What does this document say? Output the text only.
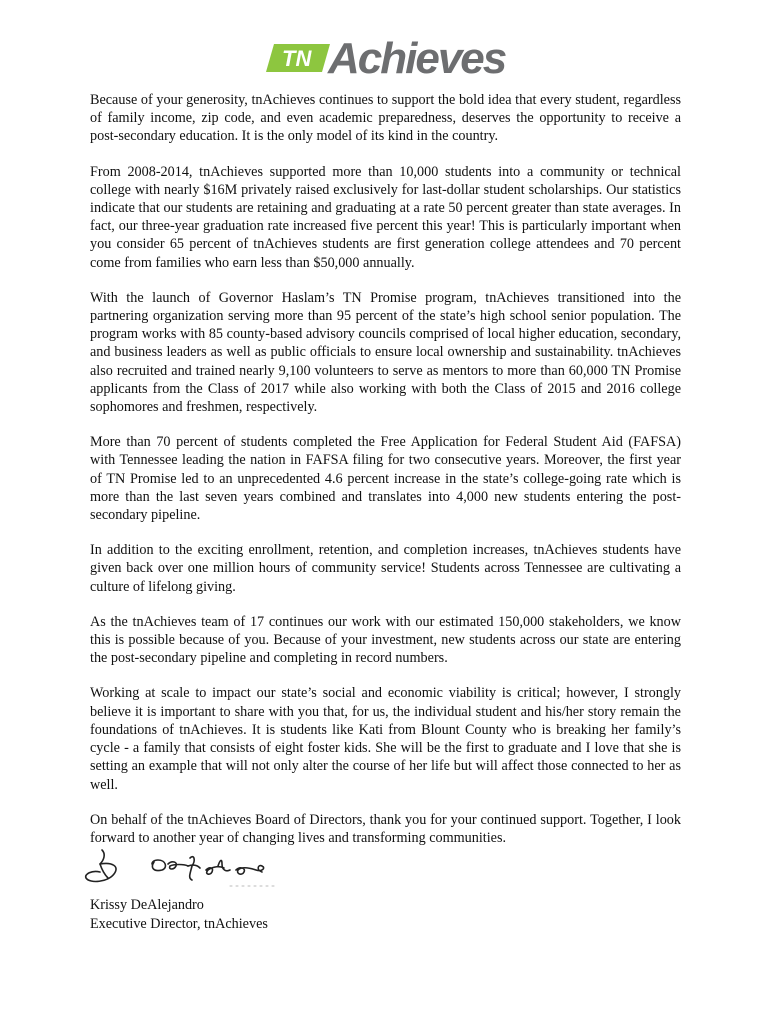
TN Achieves

Because of your generosity, tnAchieves continues to support the bold idea that every student, regardless of family income, zip code, and even academic preparedness, deserves the opportunity to receive a post-secondary education. It is the only model of its kind in the country.

From 2008-2014, tnAchieves supported more than 10,000 students into a community or technical college with nearly $16M privately raised exclusively for last-dollar student scholarships. Our statistics indicate that our students are retaining and graduating at a rate 50 percent greater than state averages. In fact, our three-year graduation rate increased five percent this year! This is particularly important when you consider 65 percent of tnAchieves students are first generation college attendees and 70 percent come from families who earn less than $50,000 annually.

With the launch of Governor Haslam’s TN Promise program, tnAchieves transitioned into the partnering organization serving more than 95 percent of the state’s high school senior population. The program works with 85 county-based advisory councils comprised of local higher education, secondary, and business leaders as well as public officials to ensure local ownership and sustainability. tnAchieves also recruited and trained nearly 9,100 volunteers to serve as mentors to more than 60,000 TN Promise applicants from the Class of 2017 while also working with both the Class of 2015 and 2016 college sophomores and freshmen, respectively.

More than 70 percent of students completed the Free Application for Federal Student Aid (FAFSA) with Tennessee leading the nation in FAFSA filing for two consecutive years. Moreover, the first year of TN Promise led to an unprecedented 4.6 percent increase in the state’s college-going rate which is more than the last seven years combined and translates into 4,000 new students entering the post-secondary pipeline.

In addition to the exciting enrollment, retention, and completion increases, tnAchieves students have given back over one million hours of community service! Students across Tennessee are cultivating a culture of lifelong giving.

As the tnAchieves team of 17 continues our work with our estimated 150,000 stakeholders, we know this is possible because of you. Because of your investment, new students across our state are entering the post-secondary pipeline and completing in record numbers.

Working at scale to impact our state’s social and economic viability is critical; however, I strongly believe it is important to share with you that, for us, the individual student and his/her story remain the foundations of tnAchieves. It is students like Kati from Blount County who is breaking her family’s cycle - a family that consists of eight foster kids. She will be the first to graduate and I love that she is setting an example that will not only alter the course of her life but will affect those connected to her as well.

On behalf of the tnAchieves Board of Directors, thank you for your continued support. Together, I look forward to another year of changing lives and transforming communities.

Krissy DeAlejandro
Executive Director, tnAchieves
